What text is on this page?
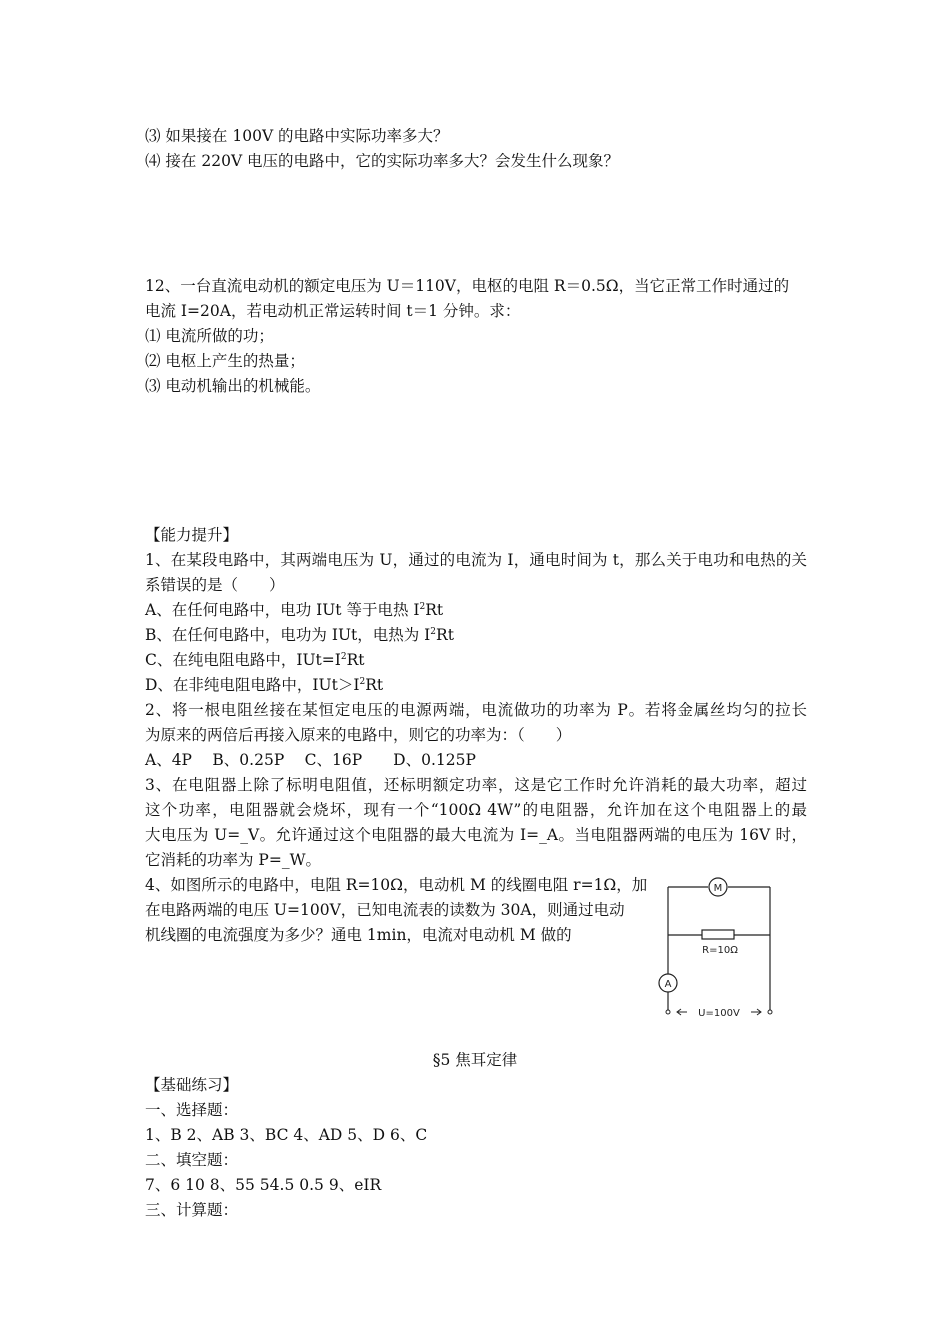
⑶ 如果接在 100V 的电路中实际功率多大？
⑷ 接在 220V 电压的电路中，它的实际功率多大？会发生什么现象？
12、一台直流电动机的额定电压为 U＝110V，电枢的电阻 R＝0.5Ω，当它正常工作时通过的
电流 I=20A，若电动机正常运转时间 t＝1 分钟。求：
⑴ 电流所做的功；
⑵ 电枢上产生的热量；
⑶ 电动机输出的机械能。
【能力提升】
1、在某段电路中，其两端电压为 U，通过的电流为 I，通电时间为 t，那么关于电功和电热的关
系错误的是（　　）
A、在任何电路中，电功 IUt 等于电热 $I^2Rt$
B、在任何电路中，电功为 IUt，电热为 $I^2Rt$
C、在纯电阻电路中，$IUt=I^2Rt$
D、在非纯电阻电路中，$IUt>I^2Rt$
2、将一根电阻丝接在某恒定电压的电源两端，电流做功的功率为 P。若将金属丝均匀的拉长
为原来的两倍后再接入原来的电路中，则它的功率为：（　　）
A、4P　 B、0.25P　 C、16P　　D、0.125P
3、在电阻器上除了标明电阻值，还标明额定功率，这是它工作时允许消耗的最大功率，超过
这个功率，电阻器就会烧坏，现有一个“100Ω 4W”的电阻器，允许加在这个电阻器上的最
大电压为 U=_V。允许通过这个电阻器的最大电流为 I=_A。当电阻器两端的电压为 16V 时，
它消耗的功率为 P=_W。
4、如图所示的电路中，电阻 R=10Ω，电动机 M 的线圈电阻 r=1Ω，加
在电路两端的电压 U=100V，已知电流表的读数为 30A，则通过电动
机线圈的电流强度为多少？通电 1min，电流对电动机 M 做的
M
A
R=10Ω
U=100V
§5 焦耳定律
【基础练习】
一、选择题：
1、B 2、AB 3、BC 4、AD 5、D 6、C
二、填空题：
7、6 10 8、55 54.5 0.5 9、eIR
三、计算题：
